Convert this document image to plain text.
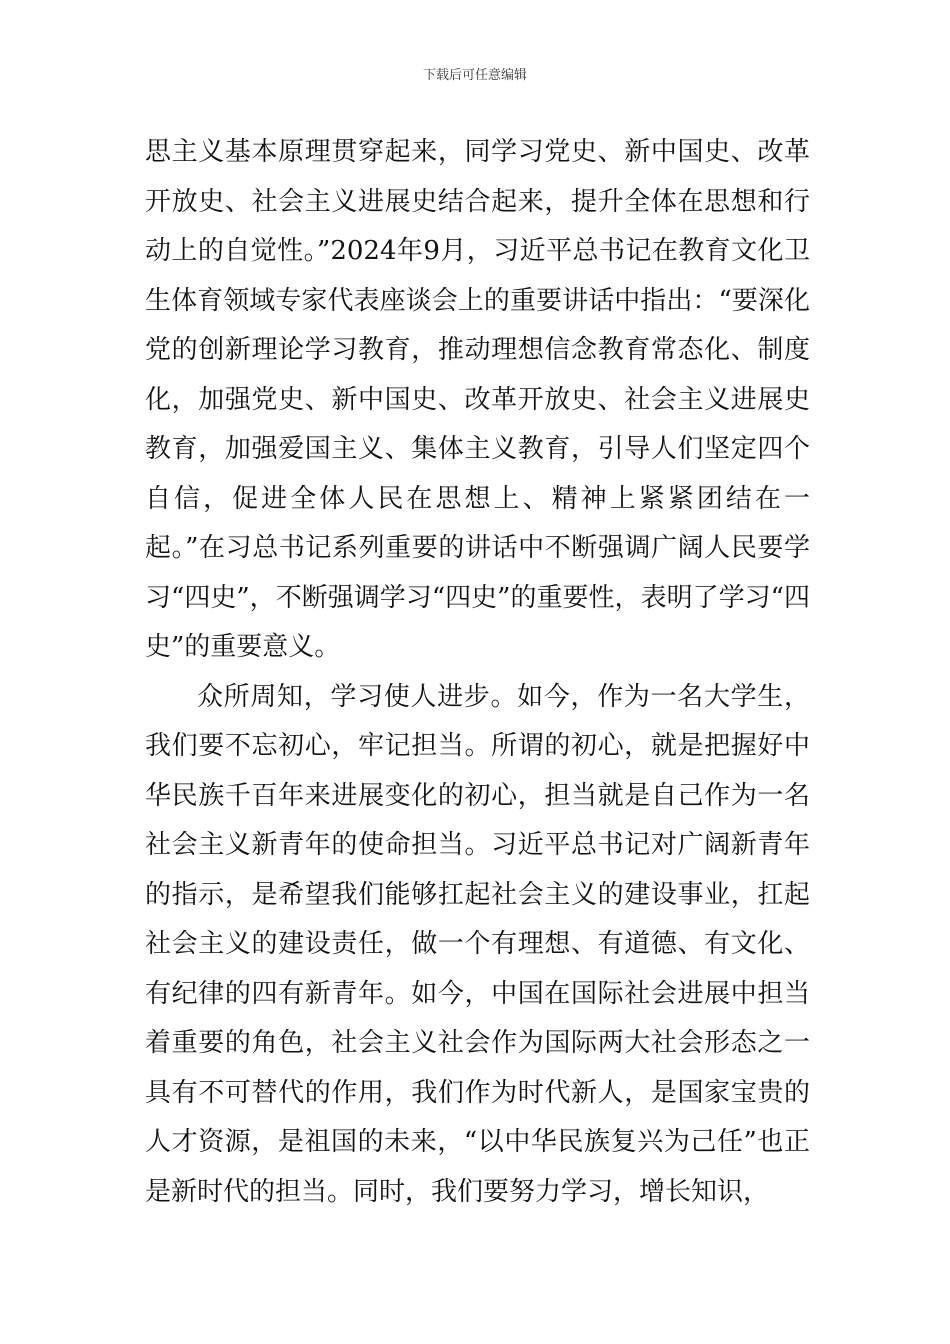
下载后可任意编辑

思主义基本原理贯穿起来，同学习党史、新中国史、改革开放史、社会主义进展史结合起来，提升全体在思想和行动上的自觉性。”2024年9月，习近平总书记在教育文化卫生体育领域专家代表座谈会上的重要讲话中指出：“要深化党的创新理论学习教育，推动理想信念教育常态化、制度化，加强党史、新中国史、改革开放史、社会主义进展史教育，加强爱国主义、集体主义教育，引导人们坚定四个自信，促进全体人民在思想上、精神上紧紧团结在一起。”在习总书记系列重要的讲话中不断强调广阔人民要学习“四史”，不断强调学习“四史”的重要性，表明了学习“四史”的重要意义。

众所周知，学习使人进步。如今，作为一名大学生，我们要不忘初心，牢记担当。所谓的初心，就是把握好中华民族千百年来进展变化的初心，担当就是自己作为一名社会主义新青年的使命担当。习近平总书记对广阔新青年的指示，是希望我们能够扛起社会主义的建设事业，扛起社会主义的建设责任，做一个有理想、有道德、有文化、有纪律的四有新青年。如今，中国在国际社会进展中担当着重要的角色，社会主义社会作为国际两大社会形态之一具有不可替代的作用，我们作为时代新人，是国家宝贵的人才资源，是祖国的未来，“以中华民族复兴为己任”也正是新时代的担当。同时，我们要努力学习，增长知识，
